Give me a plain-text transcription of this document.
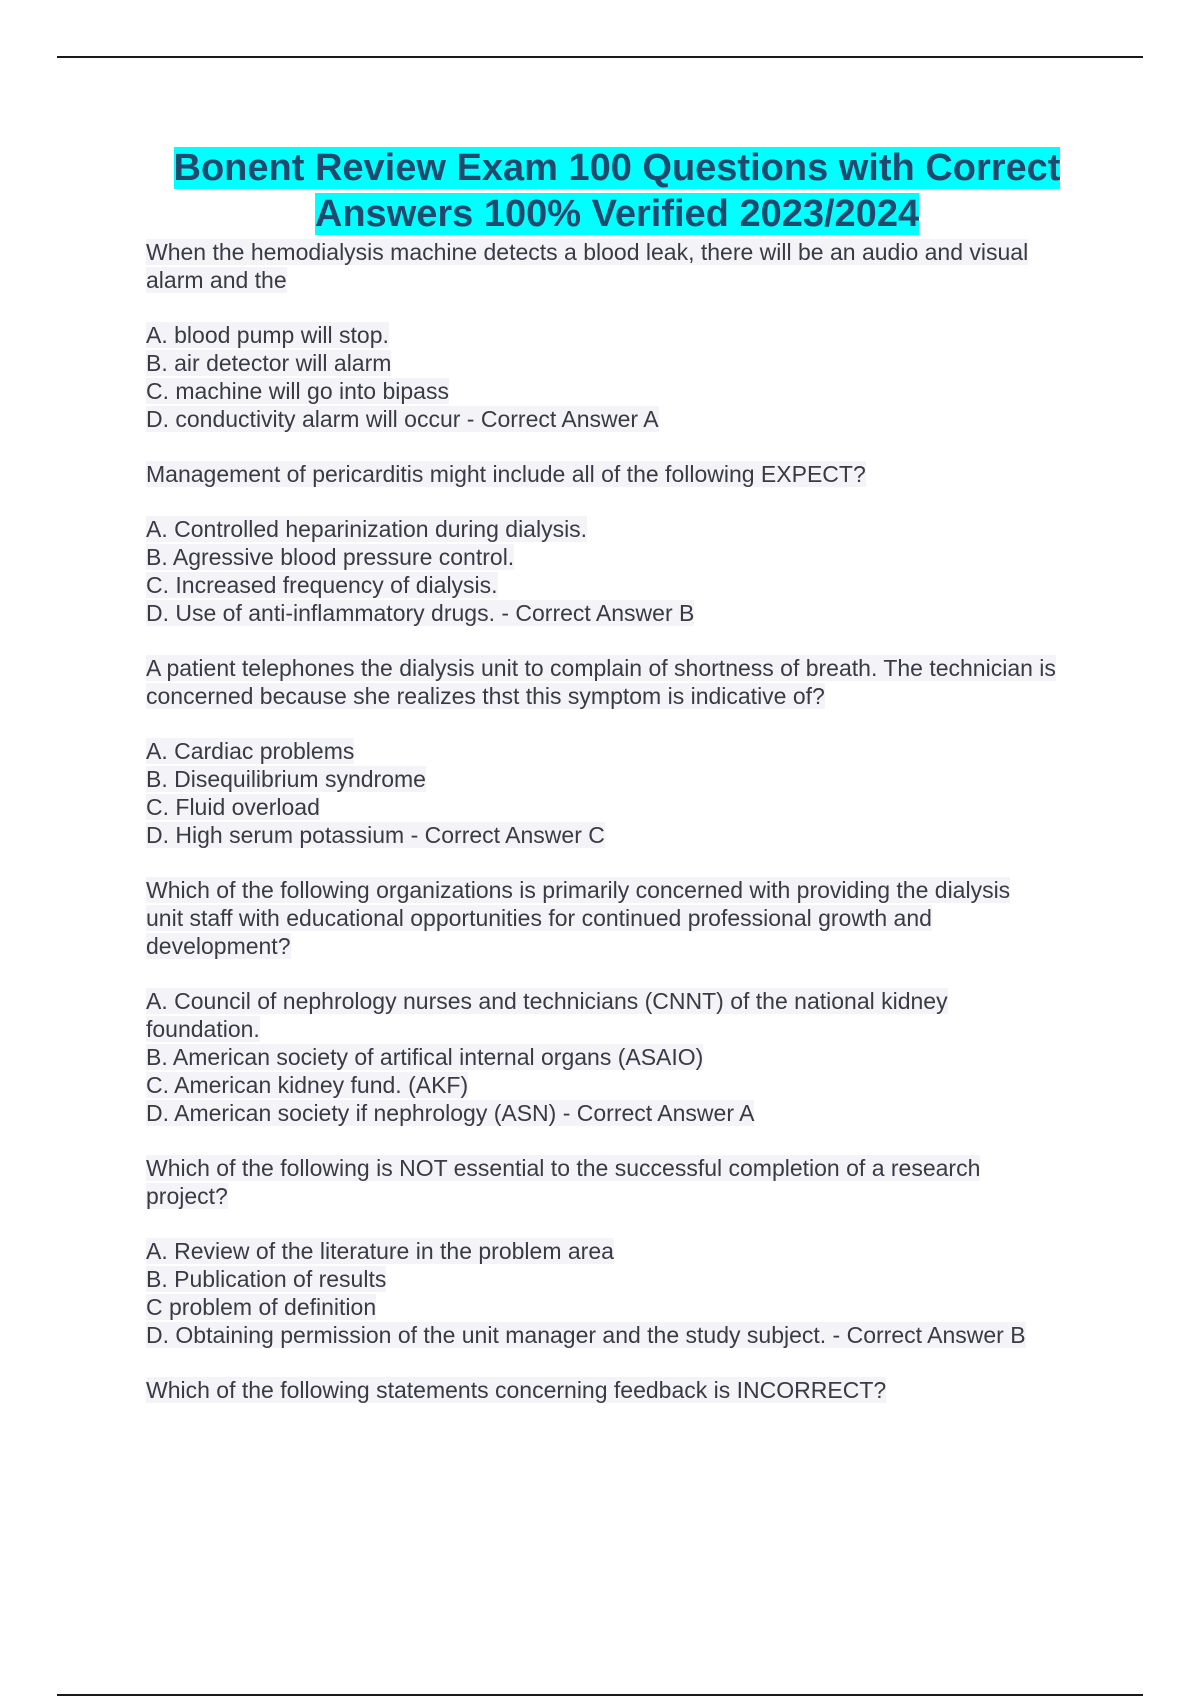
Bonent Review Exam 100 Questions with Correct
Answers 100% Verified 2023/2024

When the hemodialysis machine detects a blood leak, there will be an audio and visual alarm and the

A. blood pump will stop.
B. air detector will alarm
C. machine will go into bipass
D. conductivity alarm will occur - Correct Answer A

Management of pericarditis might include all of the following EXPECT?

A. Controlled heparinization during dialysis.
B. Agressive blood pressure control.
C. Increased frequency of dialysis.
D. Use of anti-inflammatory drugs. - Correct Answer B

A patient telephones the dialysis unit to complain of shortness of breath. The technician is concerned because she realizes thst this symptom is indicative of?

A. Cardiac problems
B. Disequilibrium syndrome
C. Fluid overload
D. High serum potassium - Correct Answer C

Which of the following organizations is primarily concerned with providing the dialysis unit staff with educational opportunities for continued professional growth and development?

A. Council of nephrology nurses and technicians (CNNT) of the national kidney foundation.
B. American society of artifical internal organs (ASAIO)
C. American kidney fund. (AKF)
D. American society if nephrology (ASN) - Correct Answer A

Which of the following is NOT essential to the successful completion of a research project?

A. Review of the literature in the problem area
B. Publication of results
C problem of definition
D. Obtaining permission of the unit manager and the study subject. - Correct Answer B

Which of the following statements concerning feedback is INCORRECT?
